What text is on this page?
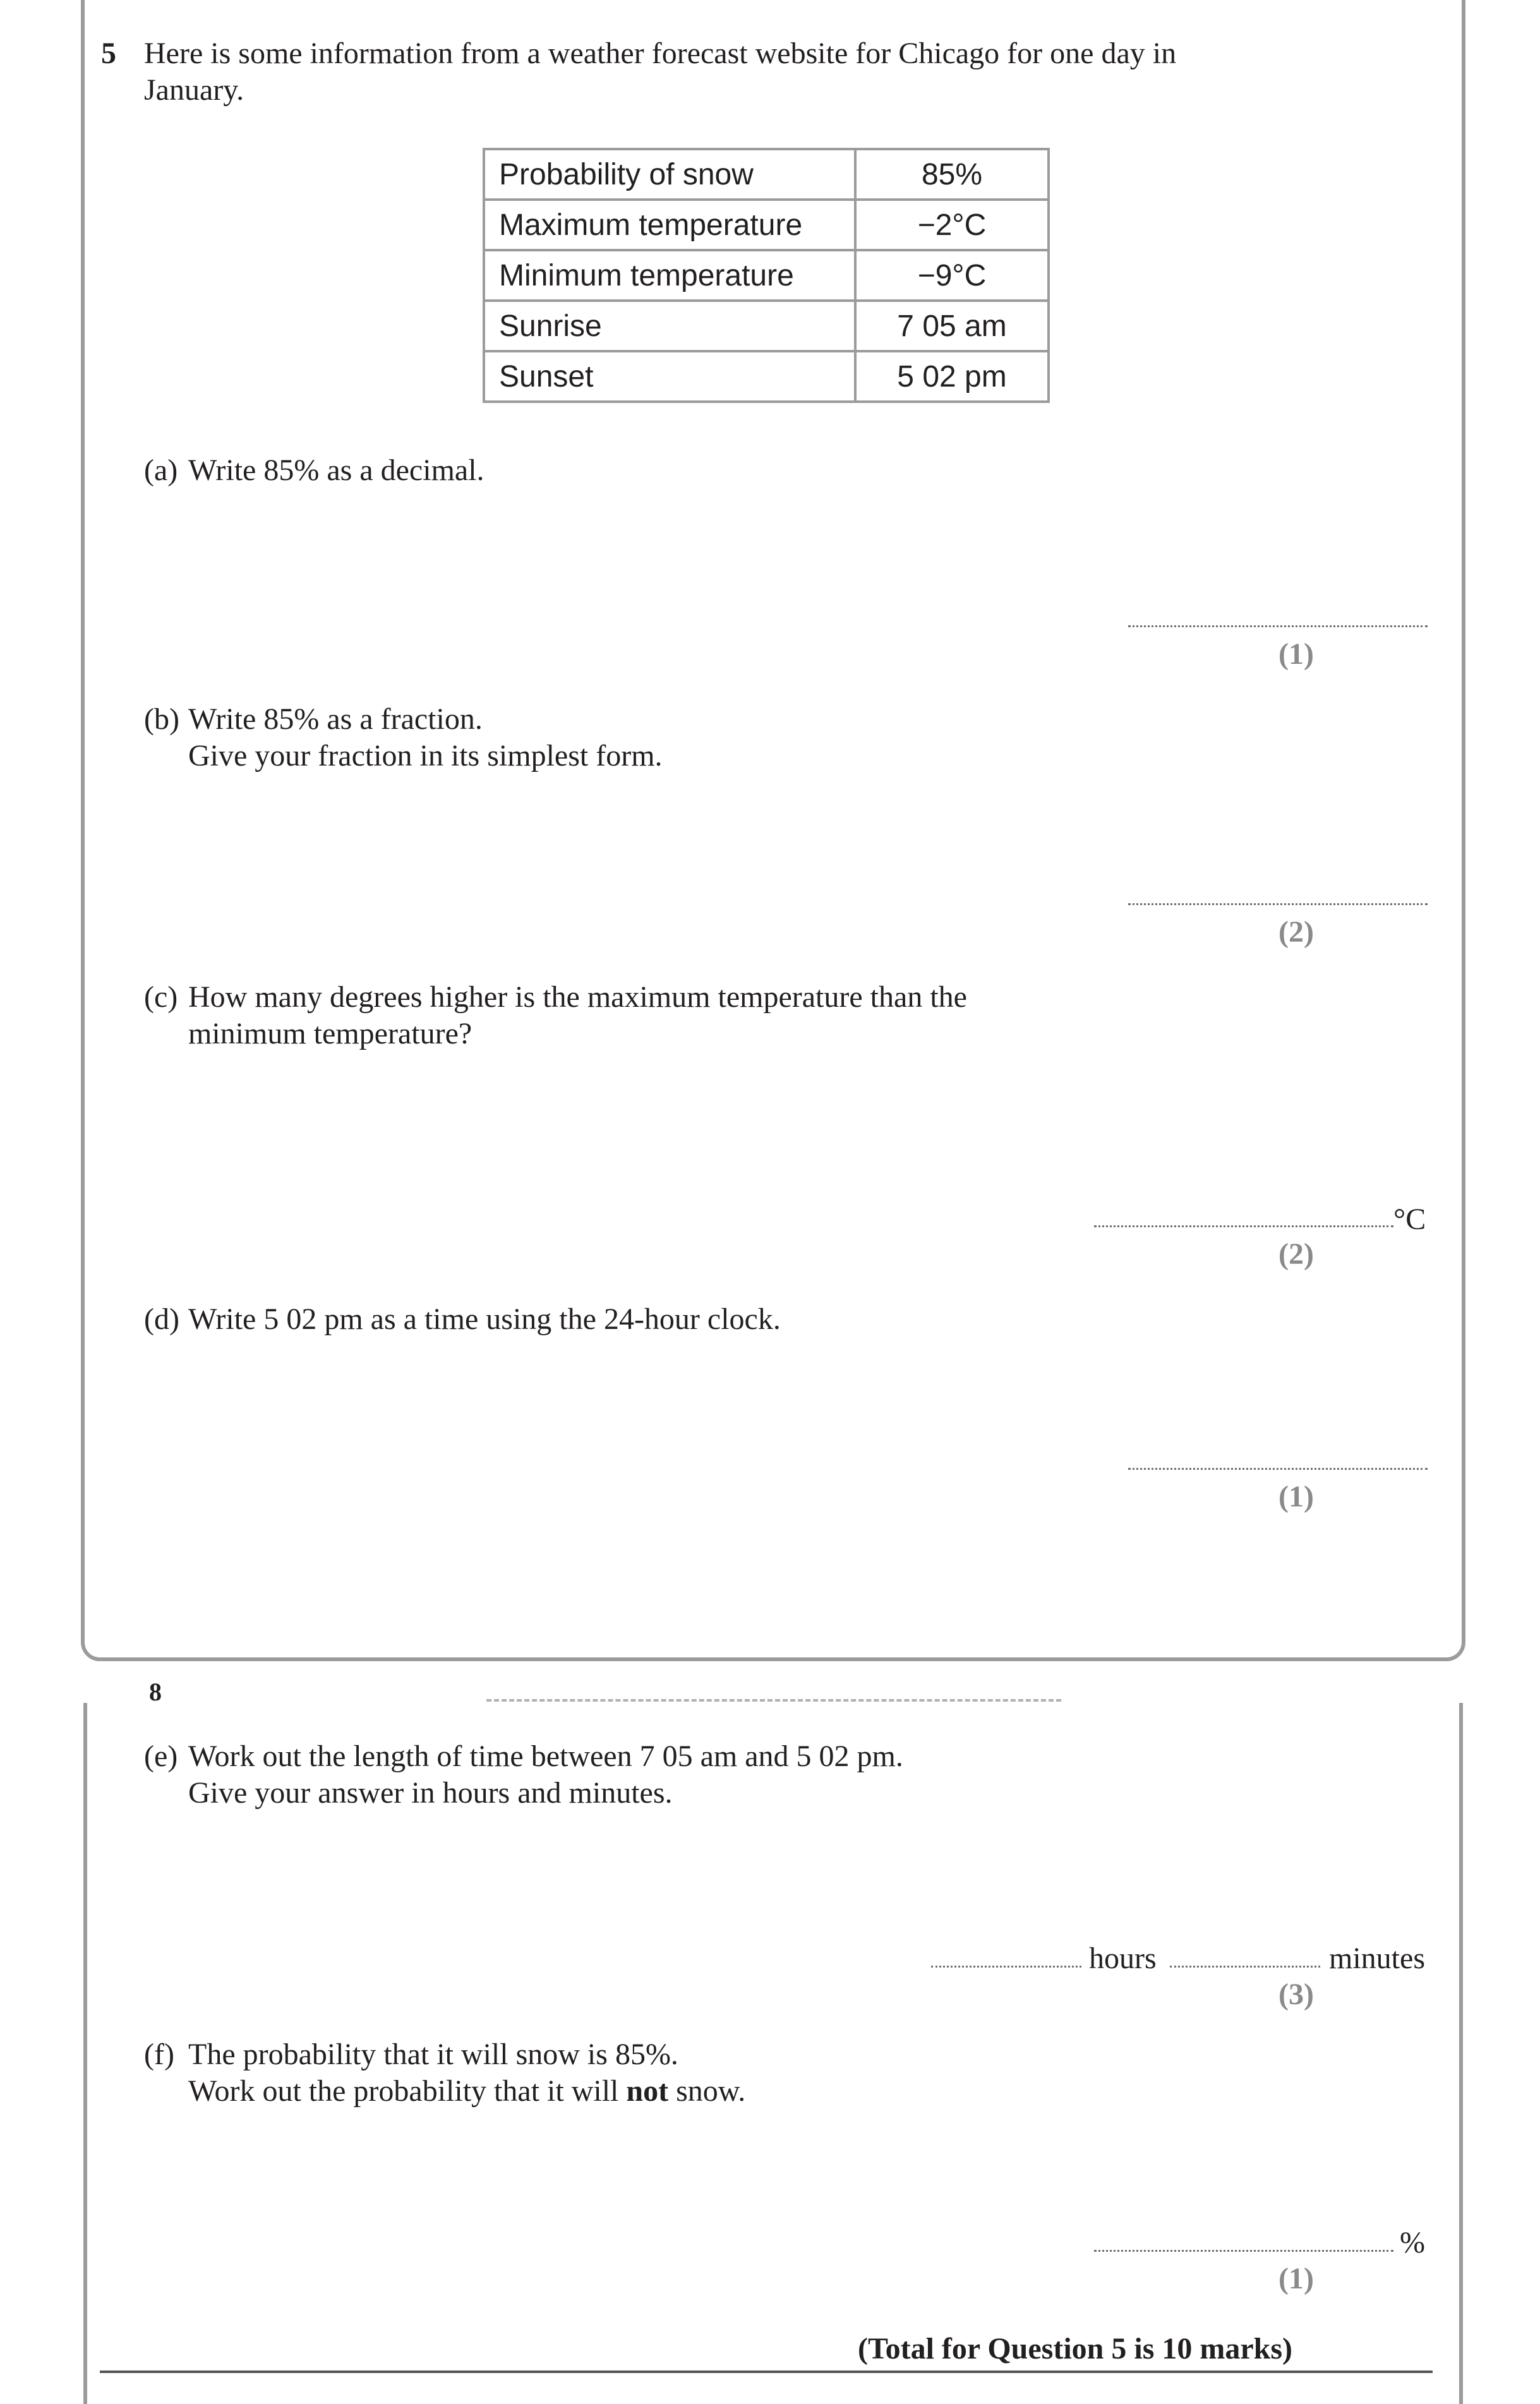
5 Here is some information from a weather forecast website for Chicago for one day in
January.
Probability of snow	85%
Maximum temperature	−2°C
Minimum temperature	−9°C
Sunrise	7 05 am
Sunset	5 02 pm
(a) Write 85% as a decimal.
(1)
(b) Write 85% as a fraction.
Give your fraction in its simplest form.
(2)
(c) How many degrees higher is the maximum temperature than the
minimum temperature?
°C
(2)
(d) Write 5 02 pm as a time using the 24-hour clock.
(1)
8
(e) Work out the length of time between 7 05 am and 5 02 pm.
Give your answer in hours and minutes.
hours	minutes
(3)
(f) The probability that it will snow is 85%.
Work out the probability that it will not snow.
%
(1)
(Total for Question 5 is 10 marks)
